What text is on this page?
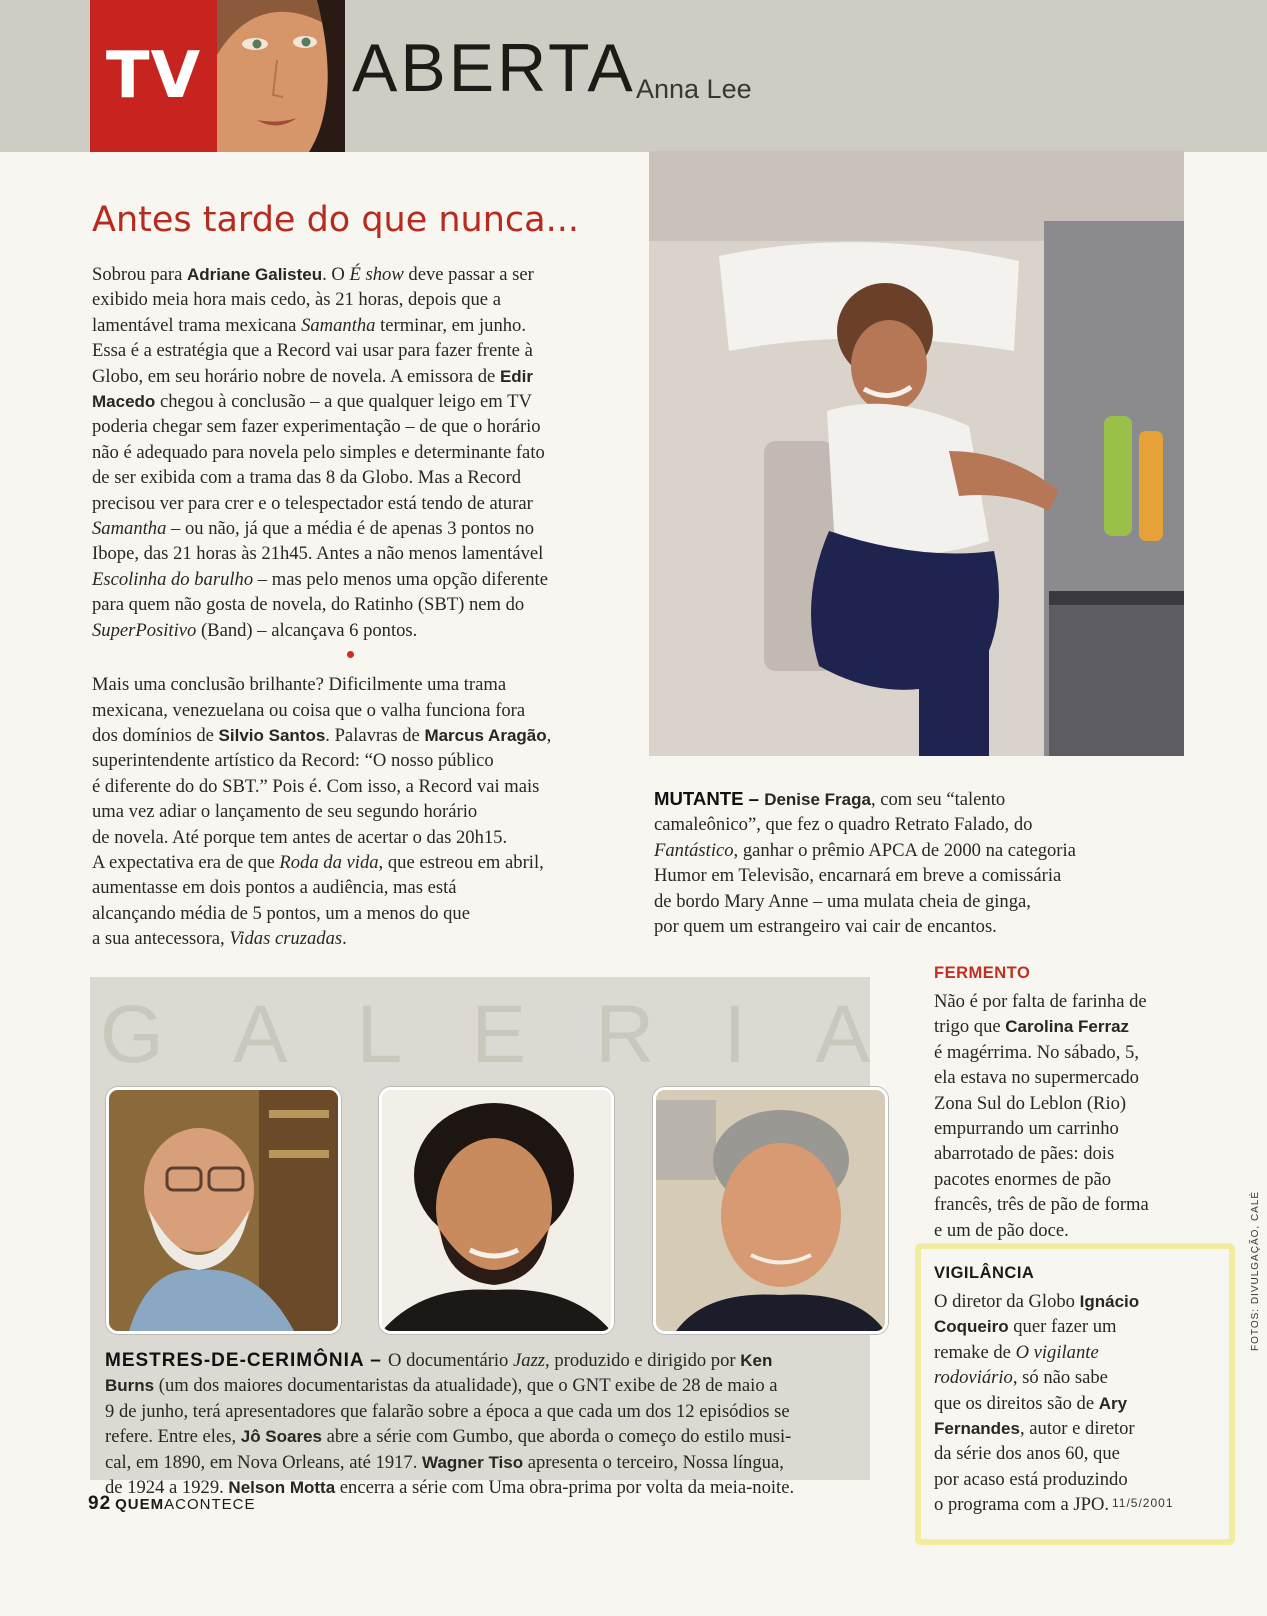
TV ABERTA Anna Lee
Antes tarde do que nunca...

Sobrou para Adriane Galisteu. O É show deve passar a ser
exibido meia hora mais cedo, às 21 horas, depois que a
lamentável trama mexicana Samantha terminar, em junho.
Essa é a estratégia que a Record vai usar para fazer frente à
Globo, em seu horário nobre de novela. A emissora de Edir
Macedo chegou à conclusão – a que qualquer leigo em TV
poderia chegar sem fazer experimentação – de que o horário
não é adequado para novela pelo simples e determinante fato
de ser exibida com a trama das 8 da Globo. Mas a Record
precisou ver para crer e o telespectador está tendo de aturar
Samantha – ou não, já que a média é de apenas 3 pontos no
Ibope, das 21 horas às 21h45. Antes a não menos lamentável
Escolinha do barulho – mas pelo menos uma opção diferente
para quem não gosta de novela, do Ratinho (SBT) nem do
SuperPositivo (Band) – alcançava 6 pontos.

Mais uma conclusão brilhante? Dificilmente uma trama
mexicana, venezuelana ou coisa que o valha funciona fora
dos domínios de Silvio Santos. Palavras de Marcus Aragão,
superintendente artístico da Record: “O nosso público
é diferente do do SBT.” Pois é. Com isso, a Record vai mais
uma vez adiar o lançamento de seu segundo horário
de novela. Até porque tem antes de acertar o das 20h15.
A expectativa era de que Roda da vida, que estreou em abril,
aumentasse em dois pontos a audiência, mas está
alcançando média de 5 pontos, um a menos do que
a sua antecessora, Vidas cruzadas.

MUTANTE – Denise Fraga, com seu “talento
camaleônico”, que fez o quadro Retrato Falado, do
Fantástico, ganhar o prêmio APCA de 2000 na categoria
Humor em Televisão, encarnará em breve a comissária
de bordo Mary Anne – uma mulata cheia de ginga,
por quem um estrangeiro vai cair de encantos.
G A L E R I A
MESTRES-DE-CERIMÔNIA – O documentário Jazz, produzido e dirigido por Ken
Burns (um dos maiores documentaristas da atualidade), que o GNT exibe de 28 de maio a
9 de junho, terá apresentadores que falarão sobre a época a que cada um dos 12 episódios se
refere. Entre eles, Jô Soares abre a série com Gumbo, que aborda o começo do estilo musi-
cal, em 1890, em Nova Orleans, até 1917. Wagner Tiso apresenta o terceiro, Nossa língua,
de 1924 a 1929. Nelson Motta encerra a série com Uma obra-prima por volta da meia-noite.
FERMENTO
Não é por falta de farinha de
trigo que Carolina Ferraz
é magérrima. No sábado, 5,
ela estava no supermercado
Zona Sul do Leblon (Rio)
empurrando um carrinho
abarrotado de pães: dois
pacotes enormes de pão
francês, três de pão de forma
e um de pão doce.
VIGILÂNCIA
O diretor da Globo Ignácio
Coqueiro quer fazer um
remake de O vigilante
rodoviário, só não sabe
que os direitos são de Ary
Fernandes, autor e diretor
da série dos anos 60, que
por acaso está produzindo
o programa com a JPO.
92 QUEMACONTECE	11/5/2001
FOTOS: DIVULGAÇÃO, CALÉ
